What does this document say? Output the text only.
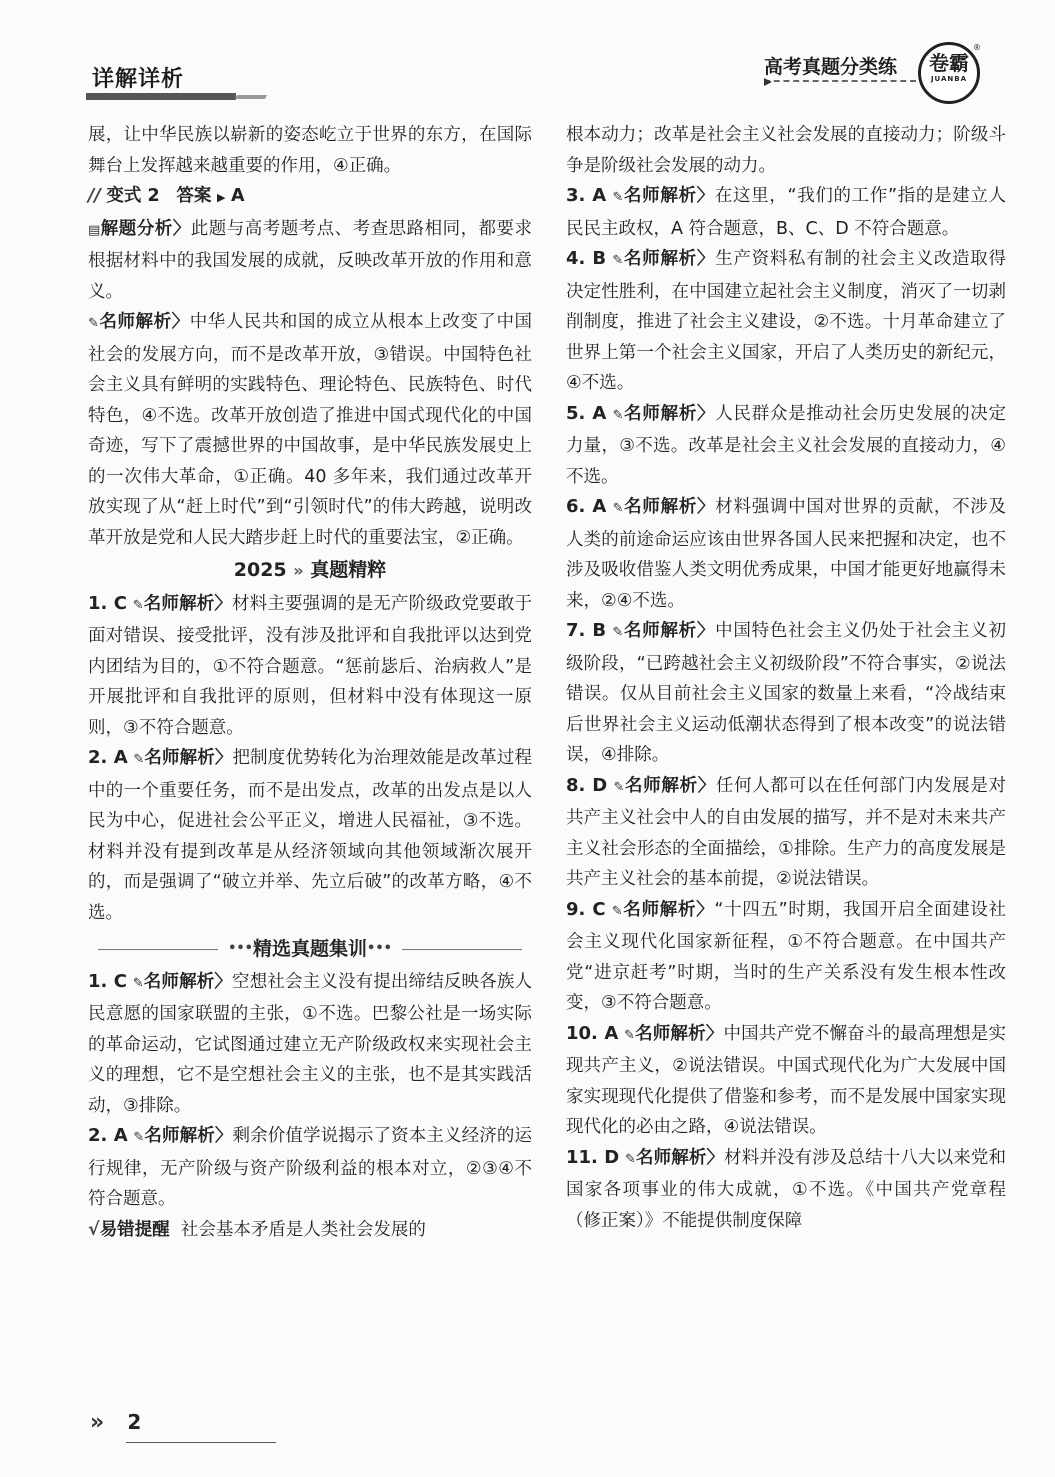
详解详析	高考真题分类练	卷霸
JUANBA
®

展，让中华民族以崭新的姿态屹立于世界的东方，在国际舞台上发挥越来越重要的作用，④正确。

// 变式 2 答案 ▶ A

▤解题分析〉此题与高考题考点、考查思路相同，都要求根据材料中的我国发展的成就，反映改革开放的作用和意义。

✎名师解析〉中华人民共和国的成立从根本上改变了中国社会的发展方向，而不是改革开放，③错误。中国特色社会主义具有鲜明的实践特色、理论特色、民族特色、时代特色，④不选。改革开放创造了推进中国式现代化的中国奇迹，写下了震撼世界的中国故事，是中华民族发展史上的一次伟大革命，①正确。40 多年来，我们通过改革开放实现了从“赶上时代”到“引领时代”的伟大跨越，说明改革开放是党和人民大踏步赶上时代的重要法宝，②正确。

2025 » 真题精粹

1. C ✎名师解析〉材料主要强调的是无产阶级政党要敢于面对错误、接受批评，没有涉及批评和自我批评以达到党内团结为目的，①不符合题意。“惩前毖后、治病救人”是开展批评和自我批评的原则，但材料中没有体现这一原则，③不符合题意。

2. A ✎名师解析〉把制度优势转化为治理效能是改革过程中的一个重要任务，而不是出发点，改革的出发点是以人民为中心，促进社会公平正义，增进人民福祉，③不选。材料并没有提到改革是从经济领域向其他领域渐次展开的，而是强调了“破立并举、先立后破”的改革方略，④不选。

••• 精选真题集训 •••

1. C ✎名师解析〉空想社会主义没有提出缔结反映各族人民意愿的国家联盟的主张，①不选。巴黎公社是一场实际的革命运动，它试图通过建立无产阶级政权来实现社会主义的理想，它不是空想社会主义的主张，也不是其实践活动，③排除。

2. A ✎名师解析〉剩余价值学说揭示了资本主义经济的运行规律，无产阶级与资产阶级利益的根本对立，②③④不符合题意。

√易错提醒 社会基本矛盾是人类社会发展的

根本动力；改革是社会主义社会发展的直接动力；阶级斗争是阶级社会发展的动力。

3. A ✎名师解析〉在这里，“我们的工作”指的是建立人民民主政权，A 符合题意，B、C、D 不符合题意。

4. B ✎名师解析〉生产资料私有制的社会主义改造取得决定性胜利，在中国建立起社会主义制度，消灭了一切剥削制度，推进了社会主义建设，②不选。十月革命建立了世界上第一个社会主义国家，开启了人类历史的新纪元，④不选。

5. A ✎名师解析〉人民群众是推动社会历史发展的决定力量，③不选。改革是社会主义社会发展的直接动力，④不选。

6. A ✎名师解析〉材料强调中国对世界的贡献，不涉及人类的前途命运应该由世界各国人民来把握和决定，也不涉及吸收借鉴人类文明优秀成果，中国才能更好地赢得未来，②④不选。

7. B ✎名师解析〉中国特色社会主义仍处于社会主义初级阶段，“已跨越社会主义初级阶段”不符合事实，②说法错误。仅从目前社会主义国家的数量上来看，“冷战结束后世界社会主义运动低潮状态得到了根本改变”的说法错误，④排除。

8. D ✎名师解析〉任何人都可以在任何部门内发展是对共产主义社会中人的自由发展的描写，并不是对未来共产主义社会形态的全面描绘，①排除。生产力的高度发展是共产主义社会的基本前提，②说法错误。

9. C ✎名师解析〉“十四五”时期，我国开启全面建设社会主义现代化国家新征程，①不符合题意。在中国共产党“进京赶考”时期，当时的生产关系没有发生根本性改变，③不符合题意。

10. A ✎名师解析〉中国共产党不懈奋斗的最高理想是实现共产主义，②说法错误。中国式现代化为广大发展中国家实现现代化提供了借鉴和参考，而不是发展中国家实现现代化的必由之路，④说法错误。

11. D ✎名师解析〉材料并没有涉及总结十八大以来党和国家各项事业的伟大成就，①不选。《中国共产党章程（修正案）》不能提供制度保障

» 2
